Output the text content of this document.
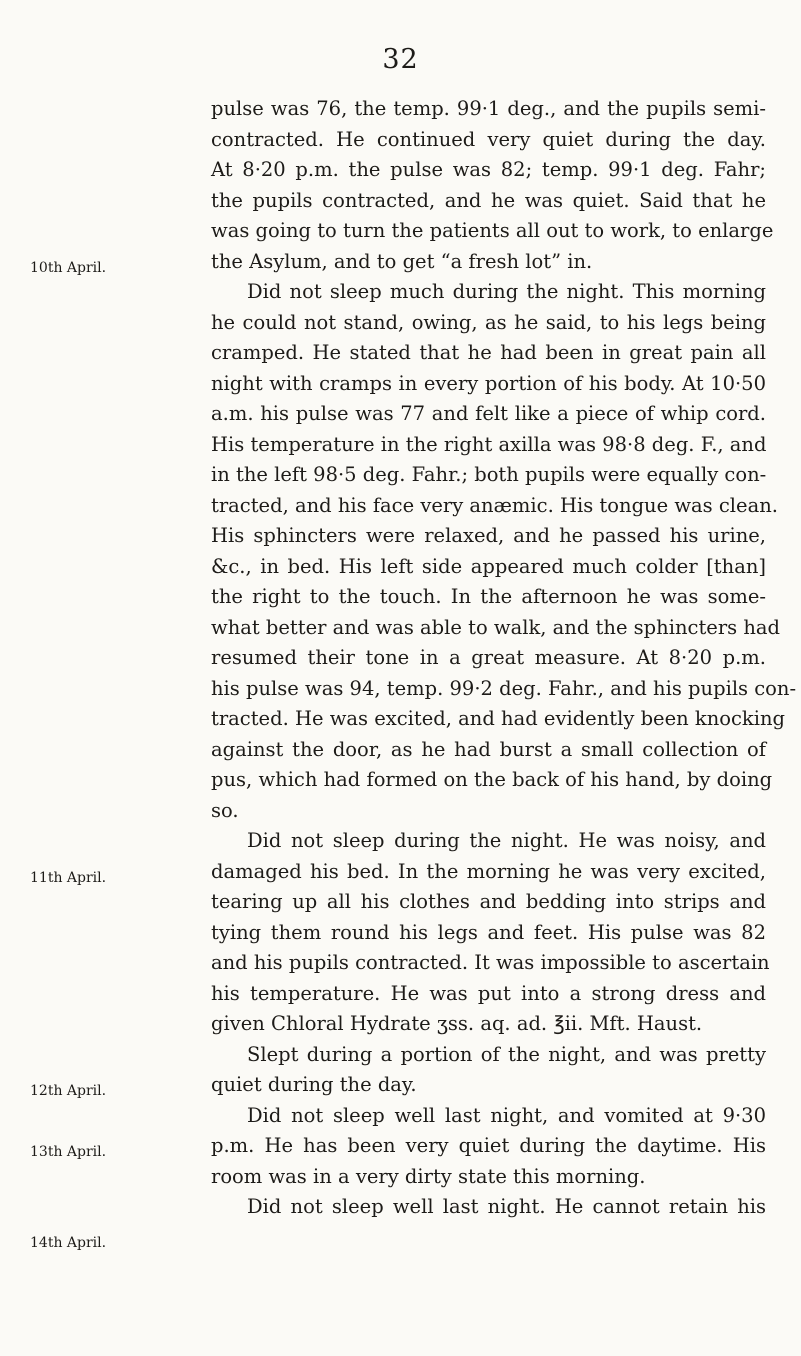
32
10th April.
11th April.
12th April.
13th April.
14th April.
pulse was 76, the temp. 99·1 deg., and the pupils semi-
contracted. He continued very quiet during the day.
At 8·20 p.m. the pulse was 82; temp. 99·1 deg. Fahr;
the pupils contracted, and he was quiet. Said that he
was going to turn the patients all out to work, to enlarge
the Asylum, and to get “a fresh lot” in.
Did not sleep much during the night. This morning
he could not stand, owing, as he said, to his legs being
cramped. He stated that he had been in great pain all
night with cramps in every portion of his body. At 10·50
a.m. his pulse was 77 and felt like a piece of whip cord.
His temperature in the right axilla was 98·8 deg. F., and
in the left 98·5 deg. Fahr.; both pupils were equally con-
tracted, and his face very anæmic. His tongue was clean.
His sphincters were relaxed, and he passed his urine,
&c., in bed. His left side appeared much colder [than]
the right to the touch. In the afternoon he was some-
what better and was able to walk, and the sphincters had
resumed their tone in a great measure. At 8·20 p.m.
his pulse was 94, temp. 99·2 deg. Fahr., and his pupils con-
tracted. He was excited, and had evidently been knocking
against the door, as he had burst a small collection of
pus, which had formed on the back of his hand, by doing
so.
Did not sleep during the night. He was noisy, and
damaged his bed. In the morning he was very excited,
tearing up all his clothes and bedding into strips and
tying them round his legs and feet. His pulse was 82
and his pupils contracted. It was impossible to ascertain
his temperature. He was put into a strong dress and
given Chloral Hydrate ʒss. aq. ad. ℥ii. Mft. Haust.
Slept during a portion of the night, and was pretty
quiet during the day.
Did not sleep well last night, and vomited at 9·30
p.m. He has been very quiet during the daytime. His
room was in a very dirty state this morning.
Did not sleep well last night. He cannot retain his
